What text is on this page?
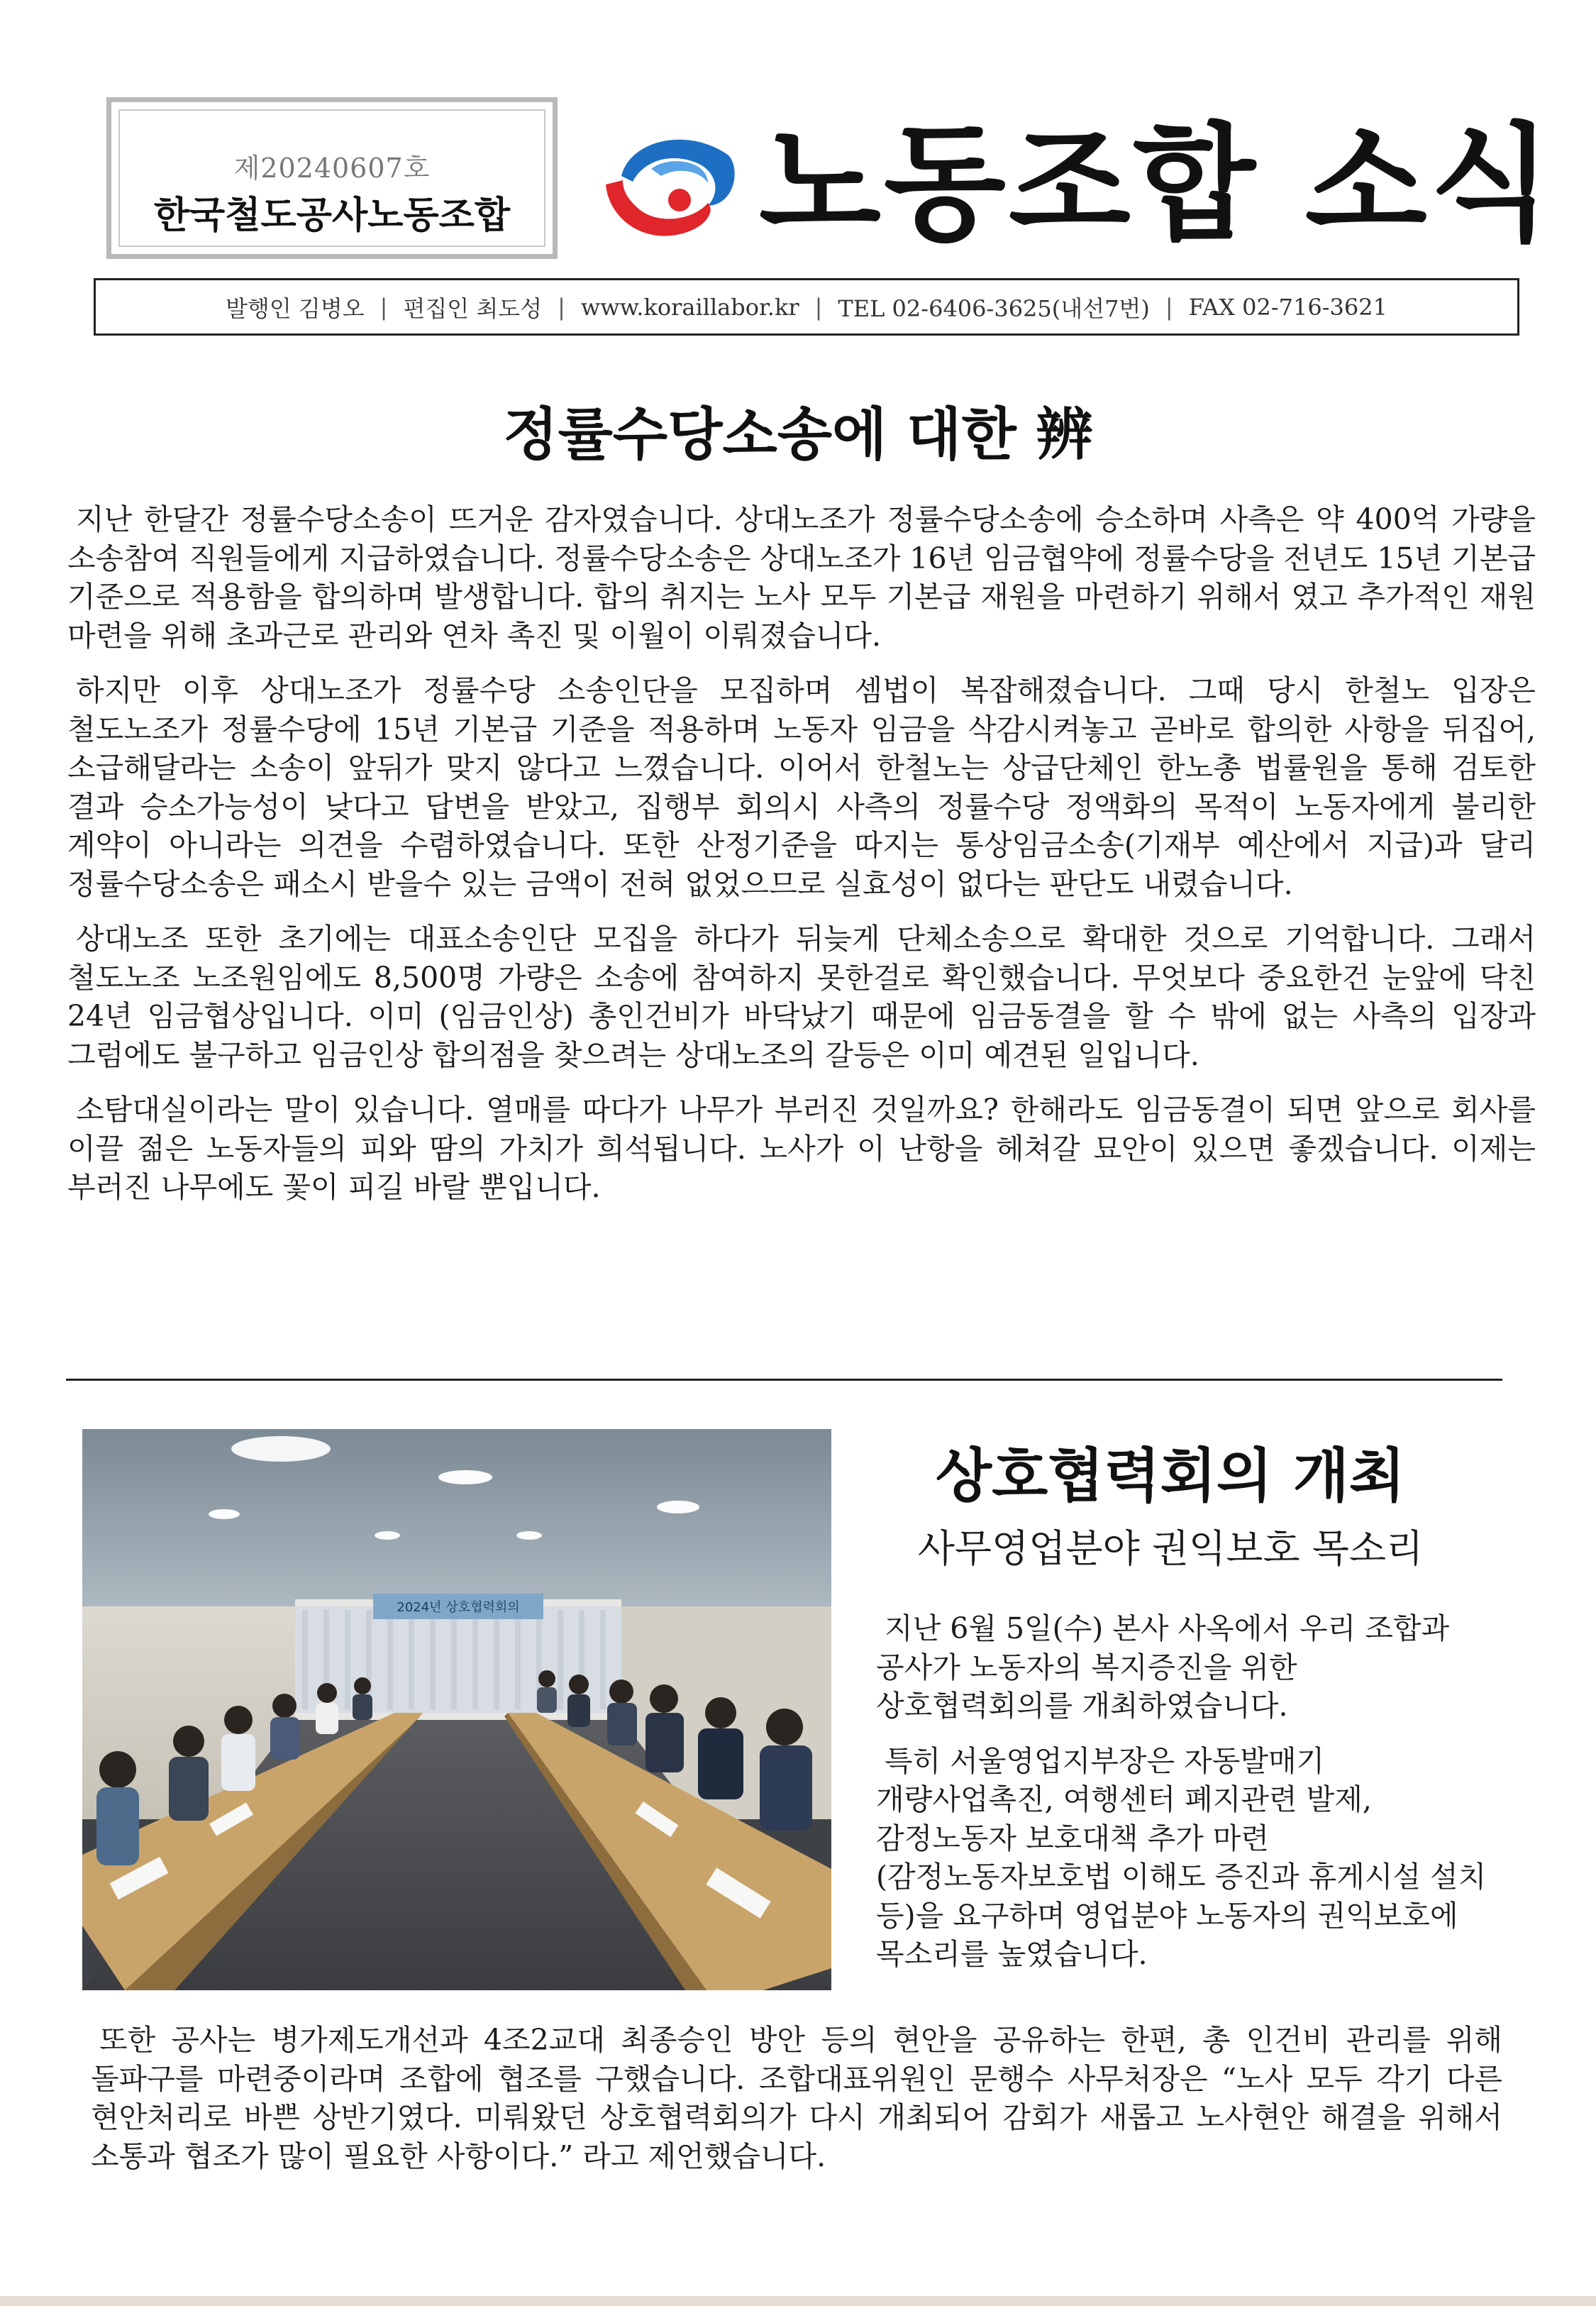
제20240607호
한국철도공사노동조합 노동조합 소식
발행인 김병오 | 편집인 최도성 | www.koraillabor.kr | TEL 02-6406-3625(내선7번) | FAX 02-716-3621
정률수당소송에 대한 辨

지난 한달간 정률수당소송이 뜨거운 감자였습니다. 상대노조가 정률수당소송에 승소하며 사측은 약 400억 가량을 소송참여 직원들에게 지급하였습니다. 정률수당소송은 상대노조가 16년 임금협약에 정률수당을 전년도 15년 기본급 기준으로 적용함을 합의하며 발생합니다. 합의 취지는 노사 모두 기본급 재원을 마련하기 위해서 였고 추가적인 재원 마련을 위해 초과근로 관리와 연차 촉진 및 이월이 이뤄졌습니다.

하지만 이후 상대노조가 정률수당 소송인단을 모집하며 셈법이 복잡해졌습니다. 그때 당시 한철노 입장은 철도노조가 정률수당에 15년 기본급 기준을 적용하며 노동자 임금을 삭감시켜놓고 곧바로 합의한 사항을 뒤집어, 소급해달라는 소송이 앞뒤가 맞지 않다고 느꼈습니다. 이어서 한철노는 상급단체인 한노총 법률원을 통해 검토한 결과 승소가능성이 낮다고 답변을 받았고, 집행부 회의시 사측의 정률수당 정액화의 목적이 노동자에게 불리한 계약이 아니라는 의견을 수렴하였습니다. 또한 산정기준을 따지는 통상임금소송(기재부 예산에서 지급)과 달리 정률수당소송은 패소시 받을수 있는 금액이 전혀 없었으므로 실효성이 없다는 판단도 내렸습니다.

상대노조 또한 초기에는 대표소송인단 모집을 하다가 뒤늦게 단체소송으로 확대한 것으로 기억합니다. 그래서 철도노조 노조원임에도 8,500명 가량은 소송에 참여하지 못한걸로 확인했습니다. 무엇보다 중요한건 눈앞에 닥친 24년 임금협상입니다. 이미 (임금인상) 총인건비가 바닥났기 때문에 임금동결을 할 수 밖에 없는 사측의 입장과 그럼에도 불구하고 임금인상 합의점을 찾으려는 상대노조의 갈등은 이미 예견된 일입니다.

소탐대실이라는 말이 있습니다. 열매를 따다가 나무가 부러진 것일까요? 한해라도 임금동결이 되면 앞으로 회사를 이끌 젊은 노동자들의 피와 땀의 가치가 희석됩니다. 노사가 이 난항을 헤쳐갈 묘안이 있으면 좋겠습니다. 이제는 부러진 나무에도 꽃이 피길 바랄 뿐입니다.

2024년 상호협력회의
상호협력회의 개최
사무영업분야 권익보호 목소리

지난 6월 5일(수) 본사 사옥에서 우리 조합과 공사가 노동자의 복지증진을 위한 상호협력회의를 개최하였습니다.

특히 서울영업지부장은 자동발매기 개량사업촉진, 여행센터 폐지관련 발제, 감정노동자 보호대책 추가 마련 (감정노동자보호법 이해도 증진과 휴게시설 설치 등)을 요구하며 영업분야 노동자의 권익보호에 목소리를 높였습니다.

또한 공사는 병가제도개선과 4조2교대 최종승인 방안 등의 현안을 공유하는 한편, 총 인건비 관리를 위해 돌파구를 마련중이라며 조합에 협조를 구했습니다. 조합대표위원인 문행수 사무처장은 “노사 모두 각기 다른 현안처리로 바쁜 상반기였다. 미뤄왔던 상호협력회의가 다시 개최되어 감회가 새롭고 노사현안 해결을 위해서 소통과 협조가 많이 필요한 사항이다.” 라고 제언했습니다.
